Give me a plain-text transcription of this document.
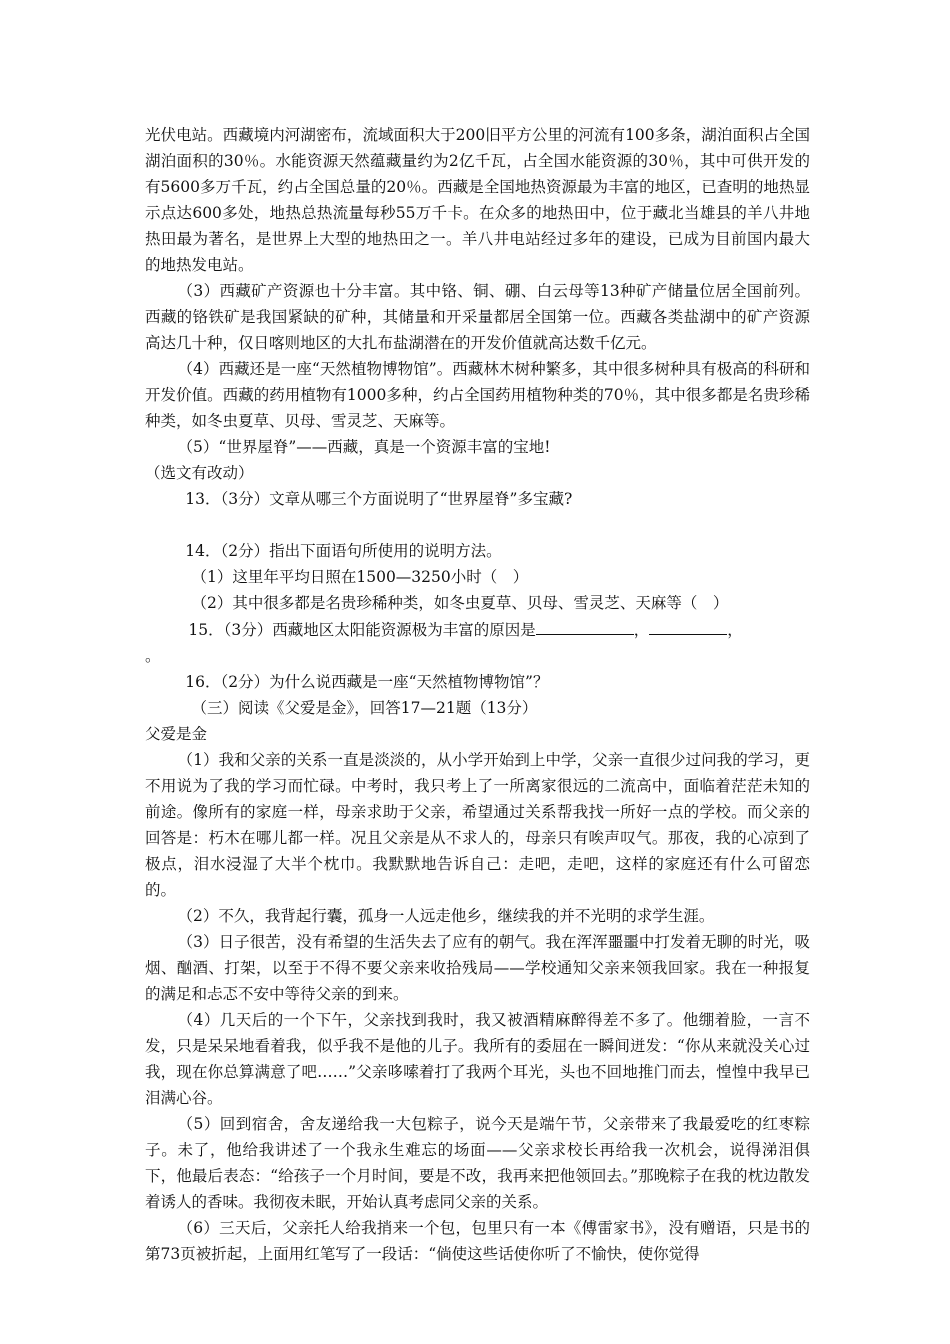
光伏电站。西藏境内河湖密布，流域面积大于200旧平方公里的河流有100多条，湖泊面积占全国湖泊面积的30％。水能资源天然蕴藏量约为2亿千瓦，占全国水能资源的30％，其中可供开发的有5600多万千瓦，约占全国总量的20％。西藏是全国地热资源最为丰富的地区，已查明的地热显示点达600多处，地热总热流量每秒55万千卡。在众多的地热田中，位于藏北当雄县的羊八井地热田最为著名，是世界上大型的地热田之一。羊八井电站经过多年的建设，已成为目前国内最大的地热发电站。

（3）西藏矿产资源也十分丰富。其中铬、铜、硼、白云母等13种矿产储量位居全国前列。西藏的铬铁矿是我国紧缺的矿种，其储量和开采量都居全国第一位。西藏各类盐湖中的矿产资源高达几十种，仅日喀则地区的大扎布盐湖潜在的开发价值就高达数千亿元。

（4）西藏还是一座“天然植物博物馆”。西藏林木树种繁多，其中很多树种具有极高的科研和开发价值。西藏的药用植物有1000多种，约占全国药用植物种类的70％，其中很多都是名贵珍稀种类，如冬虫夏草、贝母、雪灵芝、天麻等。

（5）“世界屋脊”——西藏，真是一个资源丰富的宝地!

（选文有改动）

13．（3分）文章从哪三个方面说明了“世界屋脊”多宝藏?

14．（2分）指出下面语句所使用的说明方法。

（1）这里年平均日照在1500—3250小时（　）

（2）其中很多都是名贵珍稀种类，如冬虫夏草、贝母、雪灵芝、天麻等（　）

15．（3分）西藏地区太阳能资源极为丰富的原因是	，	，

。

16．（2分）为什么说西藏是一座“天然植物博物馆”？

（三）阅读《父爱是金》，回答17—21题（13分）

父爱是金

（1）我和父亲的关系一直是淡淡的，从小学开始到上中学，父亲一直很少过问我的学习，更不用说为了我的学习而忙碌。中考时，我只考上了一所离家很远的二流高中，面临着茫茫未知的前途。像所有的家庭一样，母亲求助于父亲，希望通过关系帮我找一所好一点的学校。而父亲的回答是：朽木在哪儿都一样。况且父亲是从不求人的，母亲只有唉声叹气。那夜，我的心凉到了极点，泪水浸湿了大半个枕巾。我默默地告诉自己：走吧，走吧，这样的家庭还有什么可留恋的。

（2）不久，我背起行囊，孤身一人远走他乡，继续我的并不光明的求学生涯。

（3）日子很苦，没有希望的生活失去了应有的朝气。我在浑浑噩噩中打发着无聊的时光，吸烟、酗酒、打架，以至于不得不要父亲来收拾残局——学校通知父亲来领我回家。我在一种报复的满足和忐忑不安中等待父亲的到来。

（4）几天后的一个下午，父亲找到我时，我又被酒精麻醉得差不多了。他绷着脸，一言不发，只是呆呆地看着我，似乎我不是他的儿子。我所有的委屈在一瞬间迸发：“你从来就没关心过我，现在你总算满意了吧……”父亲哆嗦着打了我两个耳光，头也不回地推门而去，惶惶中我早已泪满心谷。

（5）回到宿舍，舍友递给我一大包粽子，说今天是端午节，父亲带来了我最爱吃的红枣粽子。未了，他给我讲述了一个我永生难忘的场面——父亲求校长再给我一次机会，说得涕泪俱下，他最后表态：“给孩子一个月时间，要是不改，我再来把他领回去。”那晚粽子在我的枕边散发着诱人的香味。我彻夜未眠，开始认真考虑同父亲的关系。

（6）三天后，父亲托人给我捎来一个包，包里只有一本《傅雷家书》，没有赠语，只是书的第73页被折起，上面用红笔写了一段话：“倘使这些话使你听了不愉快，使你觉得
